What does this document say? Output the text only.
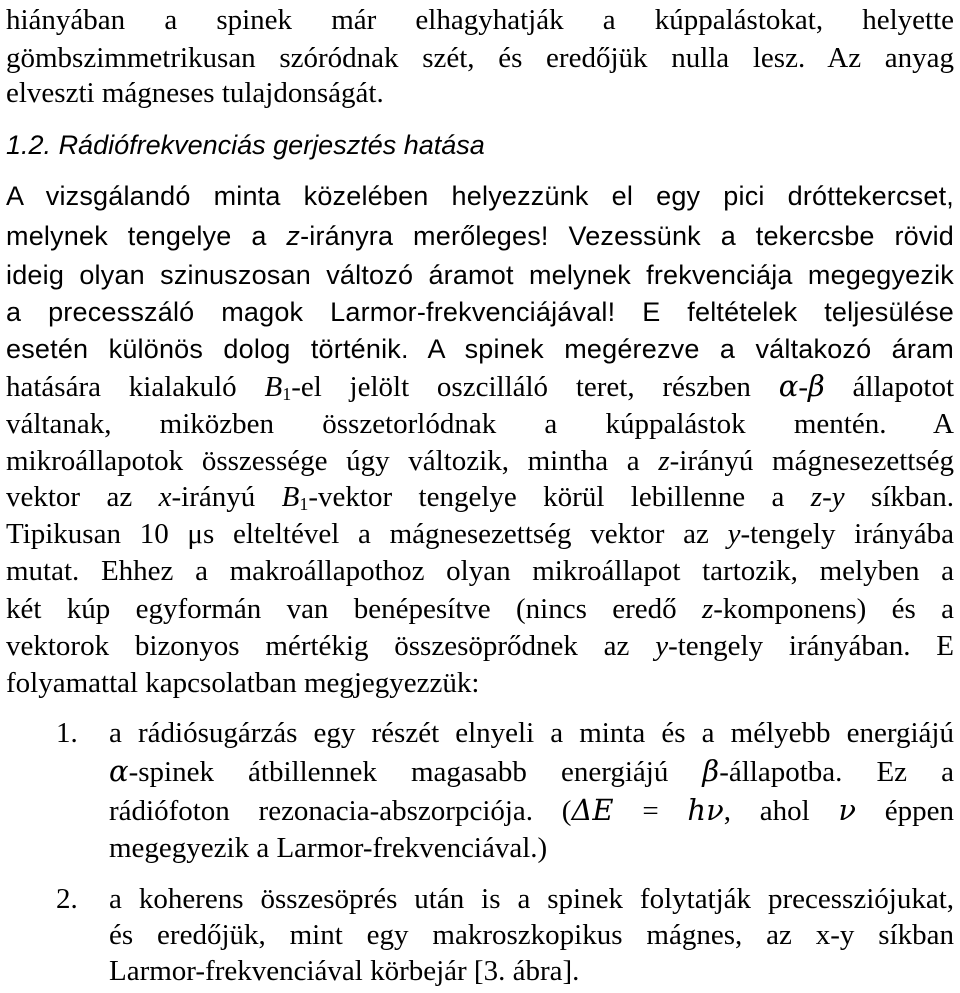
hiányában a spinek már elhagyhatják a kúppalástokat, helyette
gömbszimmetrikusan szóródnak szét, és eredőjük nulla lesz. Az anyag
elveszti mágneses tulajdonságát.
1.2. Rádiófrekvenciás gerjesztés hatása
A vizsgálandó minta közelében helyezzünk el egy pici dróttekercset,
melynek tengelye a z-irányra merőleges! Vezessünk a tekercsbe rövid
ideig olyan szinuszosan változó áramot melynek frekvenciája megegyezik
a precesszáló magok Larmor-frekvenciájával! E feltételek teljesülése
esetén különös dolog történik. A spinek megérezve a váltakozó áram
hatására kialakuló $B_1-el$ jelölt oszcilláló teret, részben α-β állapotot
váltanak, miközben összetorlódnak a kúppalástok mentén. A
mikroállapotok összessége úgy változik, mintha a z-irányú mágnesezettség
vektor az x-irányú $B_1$-vektor tengelye körül lebillenne a z-y síkban.
Tipikusan 10 μs elteltével a mágnesezettség vektor az y-tengely irányába
mutat. Ehhez a makroállapothoz olyan mikroállapot tartozik, melyben a
két kúp egyformán van benépesítve (nincs eredő z-komponens) és a
vektorok bizonyos mértékig összesöprődnek az y-tengely irányában. E
folyamattal kapcsolatban megjegyezzük:
1. a rádiósugárzás egy részét elnyeli a minta és a mélyebb energiájú
α-spinek átbillennek magasabb energiájú β-állapotba. Ez a
rádiófoton rezonacia-abszorpciója. (ΔE = hν, ahol ν éppen
megegyezik a Larmor-frekvenciával.)
2. a koherens összesöprés után is a spinek folytatják precessziójukat,
és eredőjük, mint egy makroszkopikus mágnes, az x-y síkban
Larmor-frekvenciával körbejár [3. ábra].
